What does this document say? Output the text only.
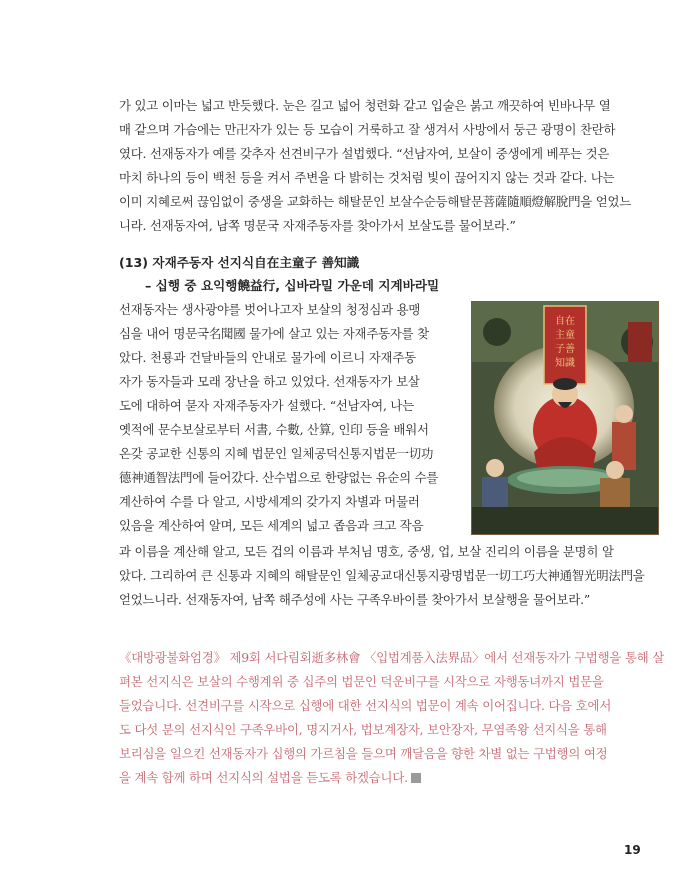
가 있고 이마는 넓고 반듯했다. 눈은 길고 넓어 청련화 같고 입술은 붉고 깨끗하여 빈바나무 열
매 같으며 가슴에는 만卍자가 있는 등 모습이 거룩하고 잘 생겨서 사방에서 둥근 광명이 찬란하
였다. 선재동자가 예를 갖추자 선견비구가 설법했다. “선남자여, 보살이 중생에게 베푸는 것은
마치 하나의 등이 백천 등을 켜서 주변을 다 밝히는 것처럼 빛이 끊어지지 않는 것과 같다. 나는
이미 지혜로써 끊임없이 중생을 교화하는 해탈문인 보살수순등해탈문菩薩隨順燈解脫門을 얻었느
니라. 선재동자여, 남쪽 명문국 자재주동자를 찾아가서 보살도를 물어보라.”
(13) 자재주동자 선지식自在主童子 善知識
– 십행 중 요익행饒益行, 십바라밀 가운데 지계바라밀
선재동자는 생사광야를 벗어나고자 보살의 청정심과 용맹
심을 내어 명문국名聞國 물가에 살고 있는 자재주동자를 찾
았다. 천룡과 건달바들의 안내로 물가에 이르니 자재주동
자가 동자들과 모래 장난을 하고 있었다. 선재동자가 보살
도에 대하여 묻자 자재주동자가 설했다. “선남자여, 나는
옛적에 문수보살로부터 서書, 수數, 산算, 인印 등을 배워서
온갖 공교한 신통의 지혜 법문인 일체공덕신통지법문一切功
德神通智法門에 들어갔다. 산수법으로 한량없는 유순의 수를
계산하여 수를 다 알고, 시방세계의 갖가지 차별과 머물러
있음을 계산하여 알며, 모든 세계의 넓고 좁음과 크고 작음
自在
主童
子善
知識
과 이름을 계산해 알고, 모든 겁의 이름과 부처님 명호, 중생, 업, 보살 진리의 이름을 분명히 알
았다. 그리하여 큰 신통과 지혜의 해탈문인 일체공교대신통지광명법문一切工巧大神通智光明法門을
얻었느니라. 선재동자여, 남쪽 해주성에 사는 구족우바이를 찾아가서 보살행을 물어보라.”
《대방광불화엄경》 제9회 서다림회逝多林會 〈입법계품入法界品〉에서 선재동자가 구법행을 통해 살
펴본 선지식은 보살의 수행계위 중 십주의 법문인 덕운비구를 시작으로 자행동녀까지 법문을
들었습니다. 선견비구를 시작으로 십행에 대한 선지식의 법문이 계속 이어집니다. 다음 호에서
도 다섯 분의 선지식인 구족우바이, 명지거사, 법보계장자, 보안장자, 무염족왕 선지식을 통해
보리심을 일으킨 선재동자가 십행의 가르침을 들으며 깨달음을 향한 차별 없는 구법행의 여정
을 계속 함께 하며 선지식의 설법을 듣도록 하겠습니다.
19
